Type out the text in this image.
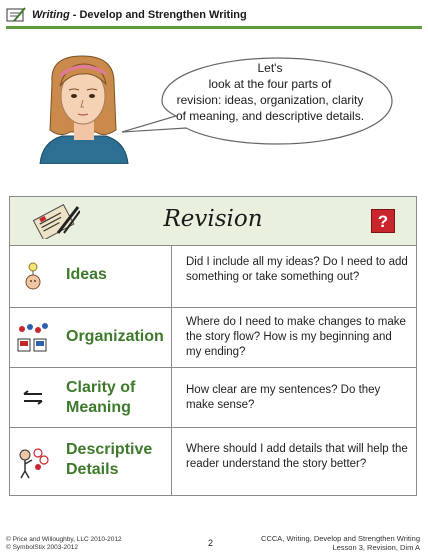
Writing - Develop and Strengthen Writing
Let's
look at the four parts of
revision: ideas, organization, clarity
of meaning, and descriptive details.
Revision	?
Ideas
Did I include all my ideas? Do I need to add something or take something out?
Organization
Where do I need to make changes to make the story flow? How is my beginning and my ending?
Clarity of
Meaning
How clear are my sentences? Do they make sense?
Descriptive
Details
Where should I add details that will help the reader understand the story better?
© Price and Willoughby, LLC 2010-2012
© SymbolStix 2003-2012	2	CCCA, Writing, Develop and Strengthen Writing
Lesson 3, Revision, Dim A
